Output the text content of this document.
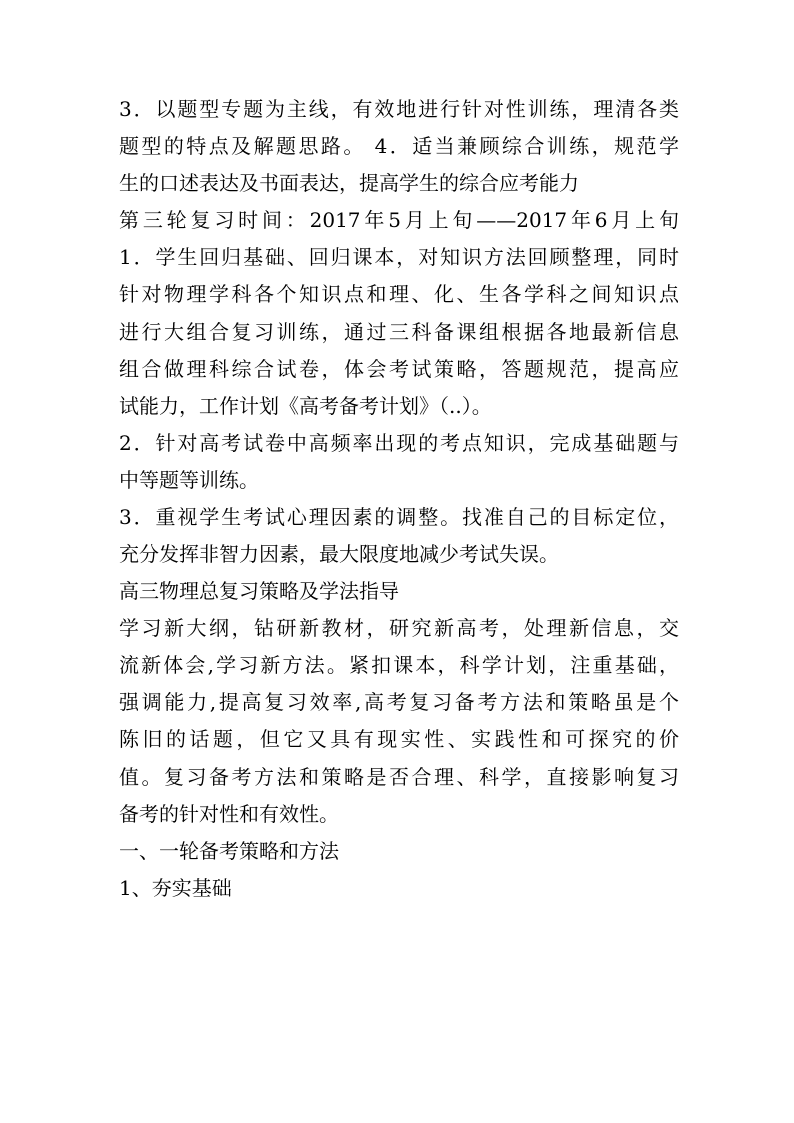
3．以题型专题为主线，有效地进行针对性训练，理清各类
题型的特点及解题思路。 4．适当兼顾综合训练，规范学
生的口述表达及书面表达，提高学生的综合应考能力
第三轮复习时间：2017年5月上旬——2017年6月上旬
1．学生回归基础、回归课本，对知识方法回顾整理，同时
针对物理学科各个知识点和理、化、生各学科之间知识点
进行大组合复习训练，通过三科备课组根据各地最新信息
组合做理科综合试卷，体会考试策略，答题规范，提高应
试能力，工作计划《高考备考计划》（..）。
2．针对高考试卷中高频率出现的考点知识，完成基础题与
中等题等训练。
3．重视学生考试心理因素的调整。找准自己的目标定位，
充分发挥非智力因素，最大限度地减少考试失误。
高三物理总复习策略及学法指导
学习新大纲，钻研新教材，研究新高考，处理新信息，交
流新体会,学习新方法。紧扣课本，科学计划，注重基础，
强调能力,提高复习效率,高考复习备考方法和策略虽是个
陈旧的话题，但它又具有现实性、实践性和可探究的价
值。复习备考方法和策略是否合理、科学，直接影响复习
备考的针对性和有效性。
一、一轮备考策略和方法
1、夯实基础
